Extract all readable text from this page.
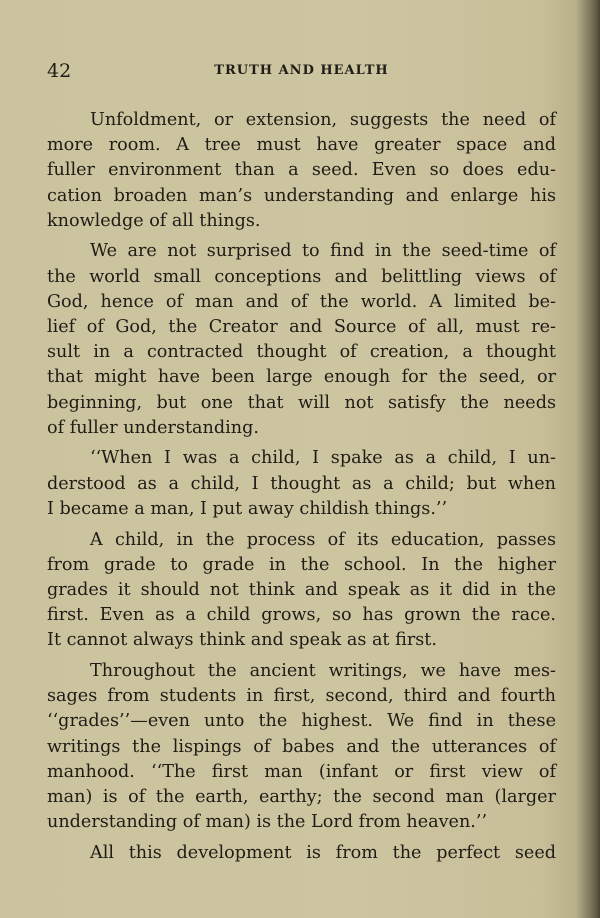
42	TRUTH AND HEALTH
Unfoldment, or extension, suggests the need of
more room. A tree must have greater space and
fuller environment than a seed. Even so does edu-
cation broaden man’s understanding and enlarge his
knowledge of all things.
We are not surprised to find in the seed-time of
the world small conceptions and belittling views of
God, hence of man and of the world. A limited be-
lief of God, the Creator and Source of all, must re-
sult in a contracted thought of creation, a thought
that might have been large enough for the seed, or
beginning, but one that will not satisfy the needs
of fuller understanding.
‘‘When I was a child, I spake as a child, I un-
derstood as a child, I thought as a child; but when
I became a man, I put away childish things.’’
A child, in the process of its education, passes
from grade to grade in the school. In the higher
grades it should not think and speak as it did in the
first. Even as a child grows, so has grown the race.
It cannot always think and speak as at first.
Throughout the ancient writings, we have mes-
sages from students in first, second, third and fourth
‘‘grades’’—even unto the highest. We find in these
writings the lispings of babes and the utterances of
manhood. ‘‘The first man (infant or first view of
man) is of the earth, earthy; the second man (larger
understanding of man) is the Lord from heaven.’’
All this development is from the perfect seed
